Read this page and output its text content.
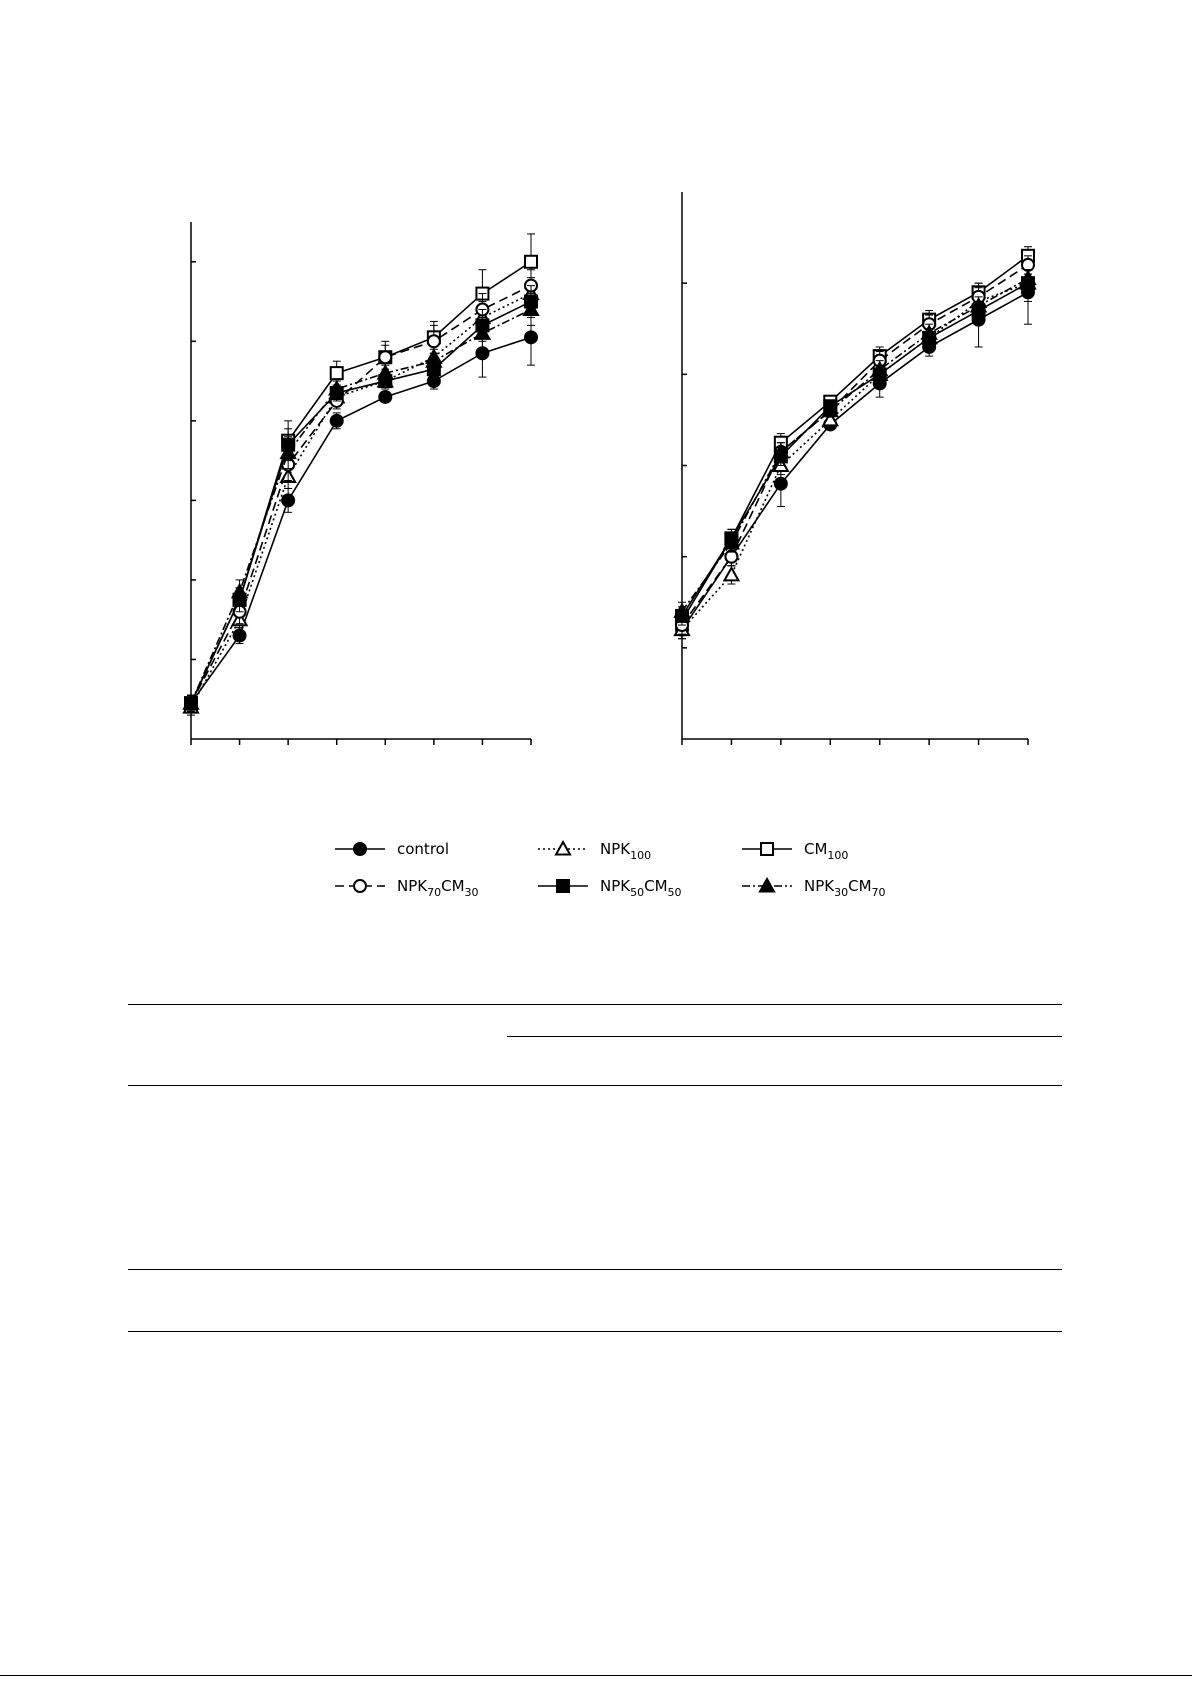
control	$NPK_{100}$	$CM_{100}$
$NPK_{70}CM_{30}$	$NPK_{50}CM_{50}$	$NPK_{30}CM_{70}$
